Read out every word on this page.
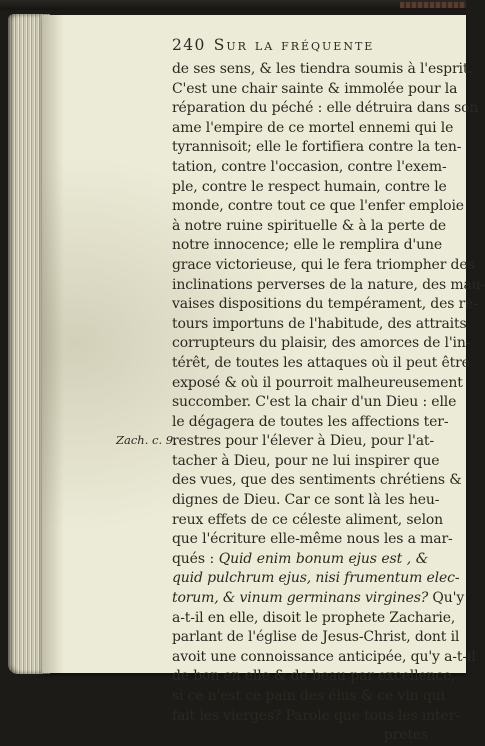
240 Sur la fréquente
Zach. c. 9.
de ses sens, & les tiendra soumis à l'esprit.
C'est une chair sainte & immolée pour la
réparation du péché : elle détruira dans son
ame l'empire de ce mortel ennemi qui le
tyrannisoit; elle le fortifiera contre la ten-
tation, contre l'occasion, contre l'exem-
ple, contre le respect humain, contre le
monde, contre tout ce que l'enfer emploie
à notre ruine spirituelle & à la perte de
notre innocence; elle le remplira d'une
grace victorieuse, qui le fera triompher des
inclinations perverses de la nature, des mau-
vaises dispositions du tempérament, des re-
tours importuns de l'habitude, des attraits
corrupteurs du plaisir, des amorces de l'in-
térêt, de toutes les attaques où il peut être
exposé & où il pourroit malheureusement
succomber. C'est la chair d'un Dieu : elle
le dégagera de toutes les affections ter-
restres pour l'élever à Dieu, pour l'at-
tacher à Dieu, pour ne lui inspirer que
des vues, que des sentiments chrétiens &
dignes de Dieu. Car ce sont là les heu-
reux effets de ce céleste aliment, selon
que l'écriture elle-même nous les a mar-
qués : Quid enim bonum ejus est , &
quid pulchrum ejus, nisi frumentum elec-
torum, & vinum germinans virgines? Qu'y
a-t-il en elle, disoit le prophete Zacharie,
parlant de l'église de Jesus-Christ, dont il
avoit une connoissance anticipée, qu'y a-t-il
de bon en elle & de beau par excellence,
si ce n'est ce pain des élus & ce vin qui
fait les vierges? Parole que tous les inter-
pretes
